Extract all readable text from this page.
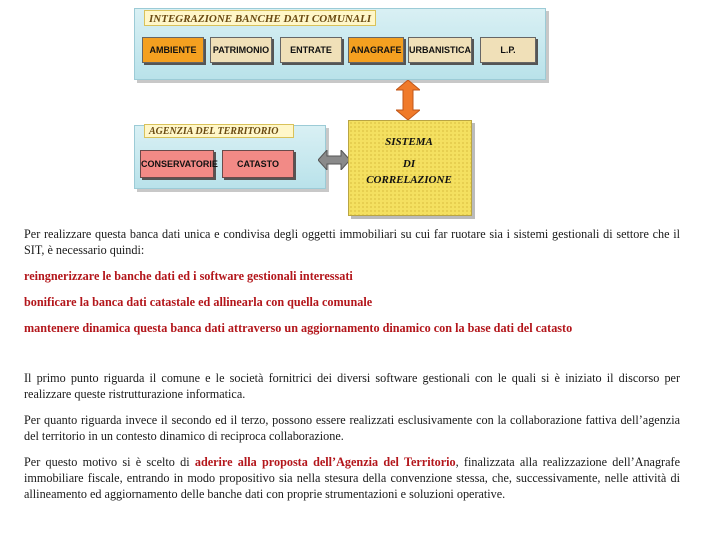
INTEGRAZIONE BANCHE DATI COMUNALI
AMBIENTE	PATRIMONIO	ENTRATE	ANAGRAFE URBANISTICA	L.P.
AGENZIA DEL TERRITORIO
CONSERVATORIE	CATASTO
SISTEMA
DI
CORRELAZIONE
Per realizzare questa banca dati unica e condivisa degli oggetti immobiliari su cui far ruotare sia i sistemi gestionali di settore che il SIT, è necessario quindi:
reingnerizzare le banche dati ed i software gestionali interessati
bonificare la banca dati catastale ed allinearla con quella comunale
mantenere dinamica questa banca dati attraverso un aggiornamento dinamico con la base dati del catasto
Il primo punto riguarda il comune e le società fornitrici dei diversi software gestionali con le quali si è iniziato il discorso per realizzare queste ristrutturazione informatica.
Per quanto riguarda invece il secondo ed il terzo, possono essere realizzati esclusivamente con la collaborazione fattiva dell’agenzia del territorio in un contesto dinamico di reciproca collaborazione.
Per questo motivo si è scelto di aderire alla proposta dell’Agenzia del Territorio, finalizzata alla realizzazione dell’Anagrafe immobiliare fiscale, entrando in modo propositivo sia nella stesura della convenzione stessa, che, successivamente, nelle attività di allineamento ed aggiornamento delle banche dati con proprie strumentazioni e soluzioni operative.
